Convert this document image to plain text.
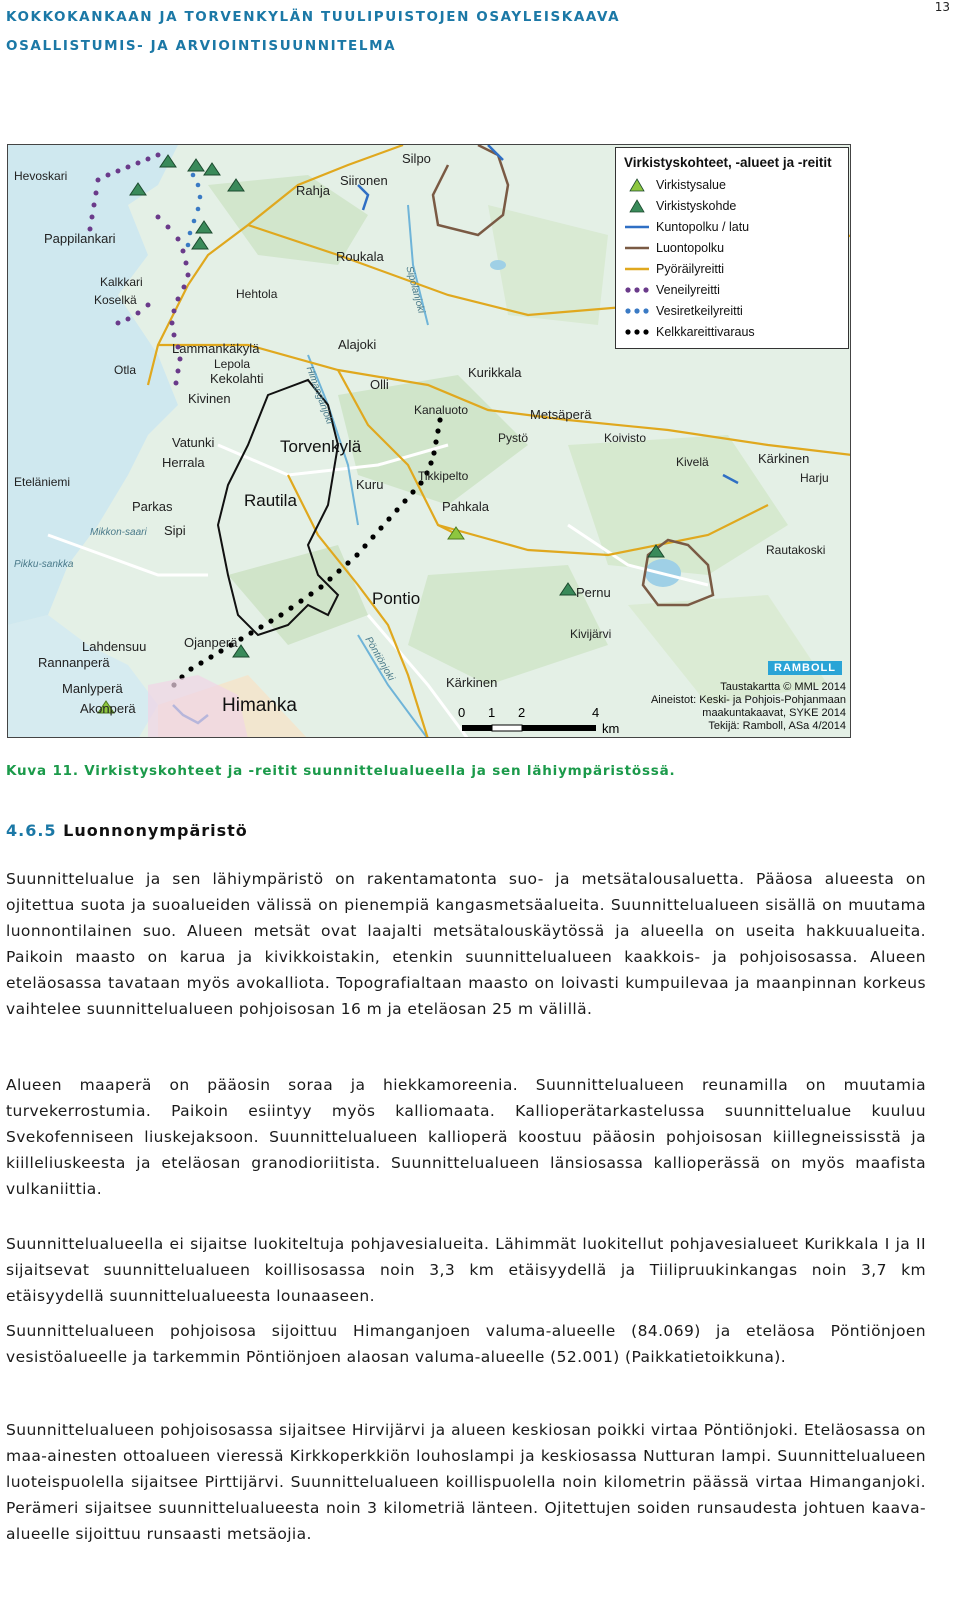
KOKKOKANKAAN JA TORVENKYLÄN TUULIPUISTOJEN OSAYLEISKAAVA
OSALLISTUMIS- JA ARVIOINTISUUNNITELMA
13
Hevoskari
Pappilankari
Kalkkari
Koselkä	Hehtola
Lammankäkylä
Lepola
Kekolahti
Otla
Kivinen
Vatunki
Herrala
Eteläniemi
Parkas
Sipi
Mikkon-saari
Pikku-sankka
Lahdensuu
Rannanperä
Ojanperä
Manlyperä
Akonperä	Himanka
Silpo
Rahja
Siironen
Roukala
Alajoki
Olli
Torvenkylä
Kuru
Rautila
Pontio
Kurikkala
Kanaluoto
Pystö
Tikkipelto
Pahkala
Metsäperä
Koivisto
Kivelä	Kärkinen
Harju
Rautakoski
Pernu
Kivijärvi
Kärkinen
Himanganjoki
Sipolanjoki
Pöntiönjoki
Virkistyskohteet, -alueet ja -reitit
Virkistysalue
Virkistyskohde
Kuntopolku / latu
Luontopolku
Pyöräilyreitti
Veneilyreitti
Vesiretkeilyreitti
Kelkkareittivaraus
0 1 2	4
km
RAMBOLL
Taustakartta © MML 2014
Aineistot: Keski- ja Pohjois-Pohjanmaan
maakuntakaavat, SYKE 2014
Tekijä: Ramboll, ASa 4/2014
Kuva 11. Virkistyskohteet ja -reitit suunnittelualueella ja sen lähiympäristössä.
4.6.5 Luonnonympäristö
Suunnittelualue ja sen lähiympäristö on rakentamatonta suo- ja metsätalousaluetta. Pääosa alueesta on ojitettua suota ja suoalueiden välissä on pienempiä kangasmetsäalueita. Suunnittelualueen sisällä on muutama luonnontilainen suo. Alueen metsät ovat laajalti metsätalouskäytössä ja alueella on useita hakkuualueita. Paikoin maasto on karua ja kivikkoistakin, etenkin suunnittelualueen kaakkois- ja pohjoisosassa. Alueen eteläosassa tavataan myös avokalliota. Topografialtaan maasto on loivasti kumpuilevaa ja maanpinnan korkeus vaihtelee suunnittelualueen pohjoisosan 16 m ja eteläosan 25 m välillä.
Alueen maaperä on pääosin soraa ja hiekkamoreenia. Suunnittelualueen reunamilla on muutamia turvekerrostumia. Paikoin esiintyy myös kalliomaata. Kallioperätarkastelussa suunnittelualue kuuluu Svekofenniseen liuskejaksoon. Suunnittelualueen kallioperä koostuu pääosin pohjoisosan kiillegneississtä ja kiilleliuskeesta ja eteläosan granodioriitista. Suunnittelualueen länsiosassa kallioperässä on myös maafista vulkaniittia.
Suunnittelualueella ei sijaitse luokiteltuja pohjavesialueita. Lähimmät luokitellut pohjavesialueet Kurikkala I ja II sijaitsevat suunnittelualueen koillisosassa noin 3,3 km etäisyydellä ja Tiilipruukinkangas noin 3,7 km etäisyydellä suunnittelualueesta lounaaseen.
Suunnittelualueen pohjoisosa sijoittuu Himanganjoen valuma-alueelle (84.069) ja eteläosa Pöntiönjoen vesistöalueelle ja tarkemmin Pöntiönjoen alaosan valuma-alueelle (52.001) (Paikkatietoikkuna).
Suunnittelualueen pohjoisosassa sijaitsee Hirvijärvi ja alueen keskiosan poikki virtaa Pöntiönjoki. Eteläosassa on maa-ainesten ottoalueen vieressä Kirkkoperkkiön louhoslampi ja keskiosassa Nutturan lampi. Suunnittelualueen luoteispuolella sijaitsee Pirttijärvi. Suunnittelualueen koillispuolella noin kilometrin päässä virtaa Himanganjoki. Perämeri sijaitsee suunnittelualueesta noin 3 kilometriä länteen. Ojitettujen soiden runsaudesta johtuen kaava-alueelle sijoittuu runsaasti metsäojia.
